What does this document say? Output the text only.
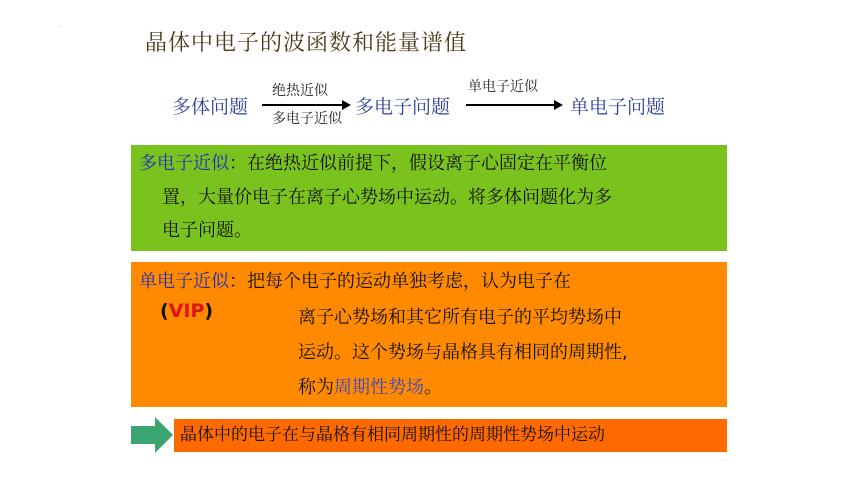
.
晶体中电子的波函数和能量谱值
多体问题
绝热近似
多电子近似
多电子问题
单电子近似
单电子问题
多电子近似：在绝热近似前提下，假设离子心固定在平衡位
置，大量价电子在离子心势场中运动。将多体问题化为多
电子问题。
单电子近似：把每个电子的运动单独考虑，认为电子在
(VIP)	离子心势场和其它所有电子的平均势场中
运动。这个势场与晶格具有相同的周期性,
称为周期性势场。
晶体中的电子在与晶格有相同周期性的周期性势场中运动
